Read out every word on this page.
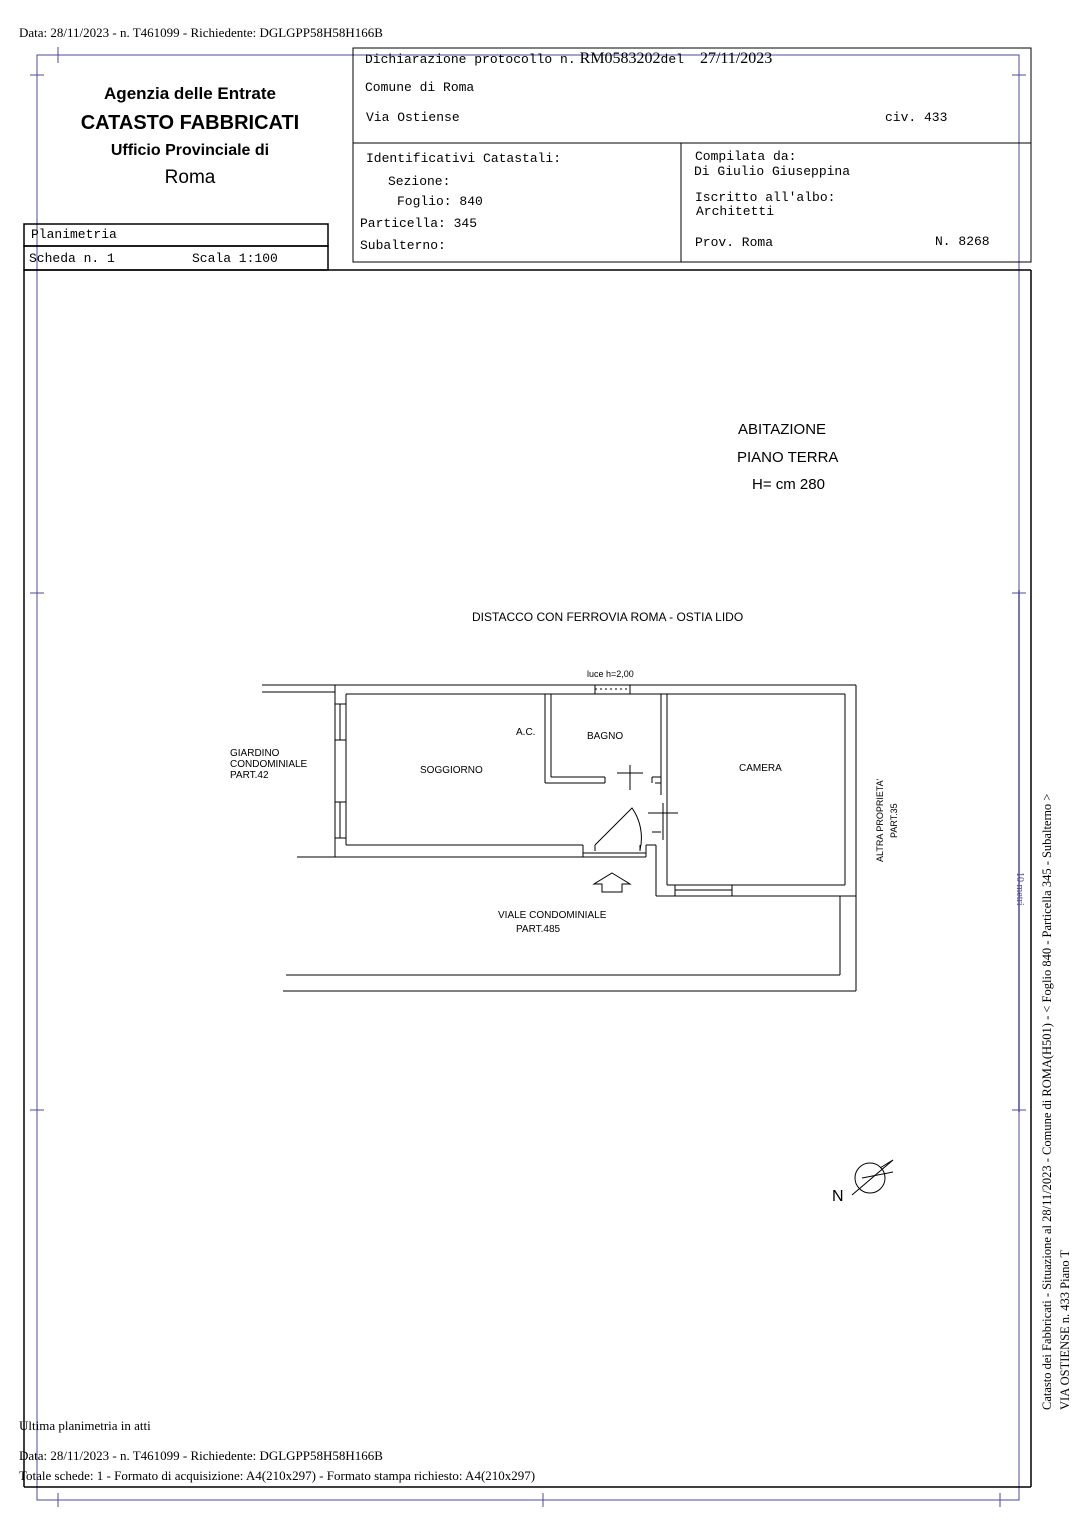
Data: 28/11/2023 - n. T461099 - Richiedente: DGLGPP58H58H166B
Agenzia delle Entrate
CATASTO FABBRICATI
Ufficio Provinciale di
Roma
Planimetria
Scheda n. 1	Scala 1:100
Dichiarazione protocollo n. RM0583202del 27/11/2023
Comune di Roma
Via Ostiense	civ. 433
Identificativi Catastali:
Sezione:
Foglio: 840
Particella: 345
Subalterno:
Compilata da:
Di Giulio Giuseppina
Iscritto all'albo:
Architetti
Prov. Roma	N. 8268
ABITAZIONE
PIANO TERRA
H= cm 280
DISTACCO CON FERROVIA ROMA - OSTIA LIDO
luce h=2,00
A.C.	BAGNO
SOGGIORNO	CAMERA
GIARDINO
CONDOMINIALE
PART.42
ALTRA PROPRIETA' PART.35
VIALE CONDOMINIALE
PART.485
N
10 metri Catasto dei Fabbricati - Situazione al 28/11/2023 - Comune di ROMA(H501) - < Foglio 840 - Particella 345 - Subalterno > VIA OSTIENSE n. 433 Piano T
Ultima planimetria in atti
Data: 28/11/2023 - n. T461099 - Richiedente: DGLGPP58H58H166B
Totale schede: 1 - Formato di acquisizione: A4(210x297) - Formato stampa richiesto: A4(210x297)
